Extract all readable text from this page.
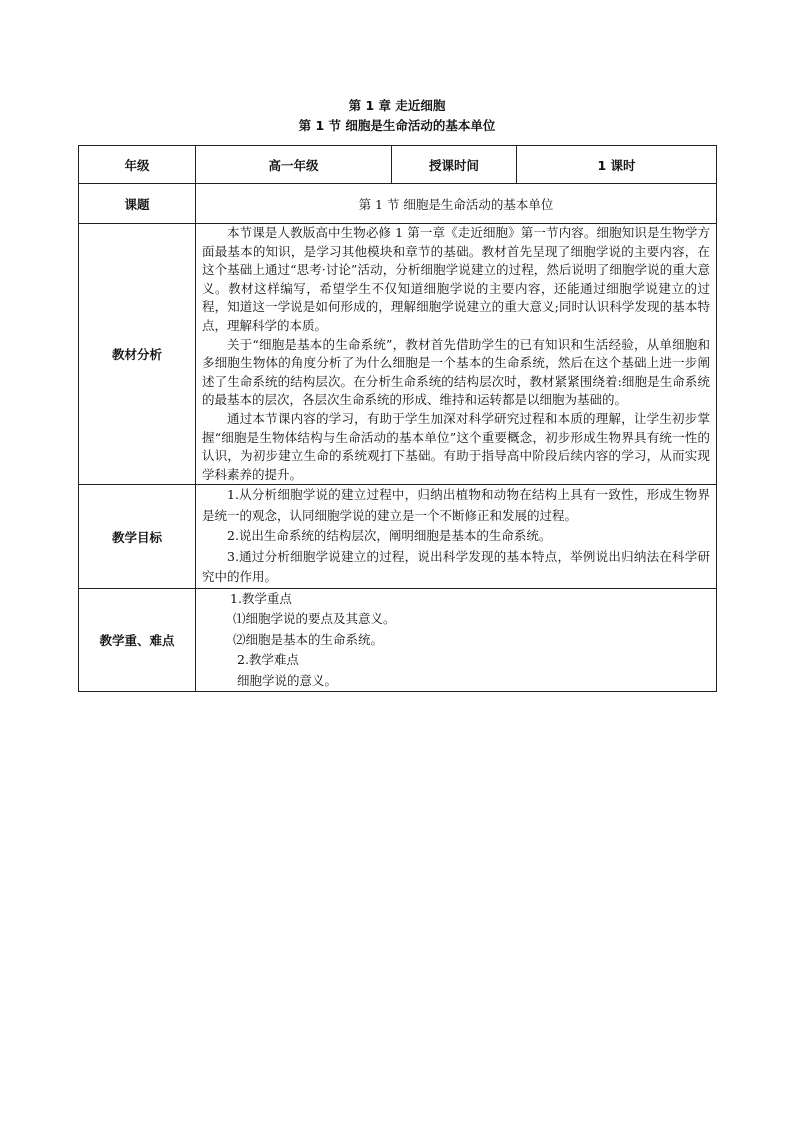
第 1 章 走近细胞
第 1 节 细胞是生命活动的基本单位
年级	高一年级	授课时间	1 课时
课题	第 1 节 细胞是生命活动的基本单位		
教材分析	本节课是人教版高中生物必修 1 第一章《走近细胞》第一节内容。细胞知识是生物学方面最基本的知识，是学习其他模块和章节的基础。教材首先呈现了细胞学说的主要内容，在这个基础上通过“思考·讨论”活动，分析细胞学说建立的过程，然后说明了细胞学说的重大意义。教材这样编写，希望学生不仅知道细胞学说的主要内容，还能通过细胞学说建立的过程，知道这一学说是如何形成的，理解细胞学说建立的重大意义;同时认识科学发现的基本特点，理解科学的本质。

关于“细胞是基本的生命系统”，教材首先借助学生的已有知识和生活经验，从单细胞和多细胞生物体的角度分析了为什么细胞是一个基本的生命系统，然后在这个基础上进一步阐述了生命系统的结构层次。在分析生命系统的结构层次时，教材紧紧围绕着:细胞是生命系统的最基本的层次，各层次生命系统的形成、维持和运转都是以细胞为基础的。

通过本节课内容的学习，有助于学生加深对科学研究过程和本质的理解，让学生初步掌握“细胞是生物体结构与生命活动的基本单位”这个重要概念，初步形成生物界具有统一性的认识，为初步建立生命的系统观打下基础。有助于指导高中阶段后续内容的学习，从而实现学科素养的提升。		

教学目标	1.从分析细胞学说的建立过程中，归纳出植物和动物在结构上具有一致性，形成生物界是统一的观念，认同细胞学说的建立是一个不断修正和发展的过程。

2.说出生命系统的结构层次，阐明细胞是基本的生命系统。

3.通过分析细胞学说建立的过程，说出科学发现的基本特点，举例说出归纳法在科学研究中的作用。		

教学重、难点	1.教学重点

⑴细胞学说的要点及其意义。

⑵细胞是基本的生命系统。

2.教学难点

细胞学说的意义。		
